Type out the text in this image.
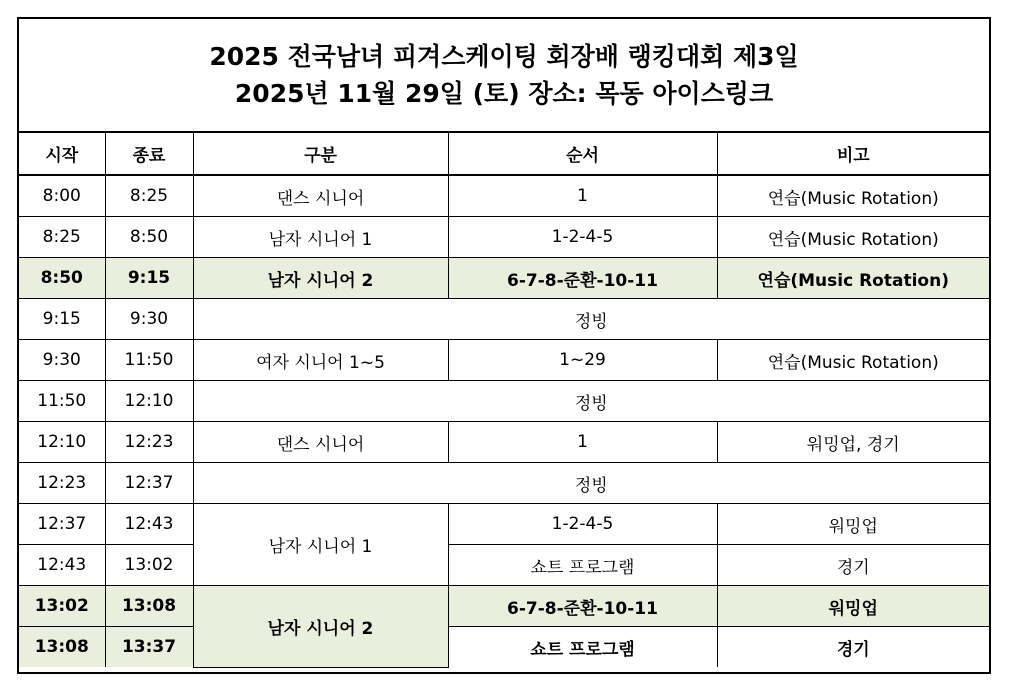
2025 전국남녀 피겨스케이팅 회장배 랭킹대회 제3일
2025년 11월 29일 (토) 장소: 목동 아이스링크
시작	종료	구분	순서	비고
8:00	8:25	댄스 시니어	1	연습(Music Rotation)
8:25	8:50	남자 시니어 1	1-2-4-5	연습(Music Rotation)
8:50	9:15	남자 시니어 2	6-7-8-준환-10-11	연습(Music Rotation)
9:15	9:30	정빙		
9:30	11:50	여자 시니어 1~5	1~29	연습(Music Rotation)
11:50	12:10	정빙		
12:10	12:23	댄스 시니어	1	워밍업, 경기
12:23	12:37	정빙		
12:37	12:43	남자 시니어 1	1-2-4-5	워밍업
12:43	13:02		쇼트 프로그램	경기
13:02	13:08	남자 시니어 2	6-7-8-준환-10-11	워밍업
13:08	13:37		쇼트 프로그램	경기
